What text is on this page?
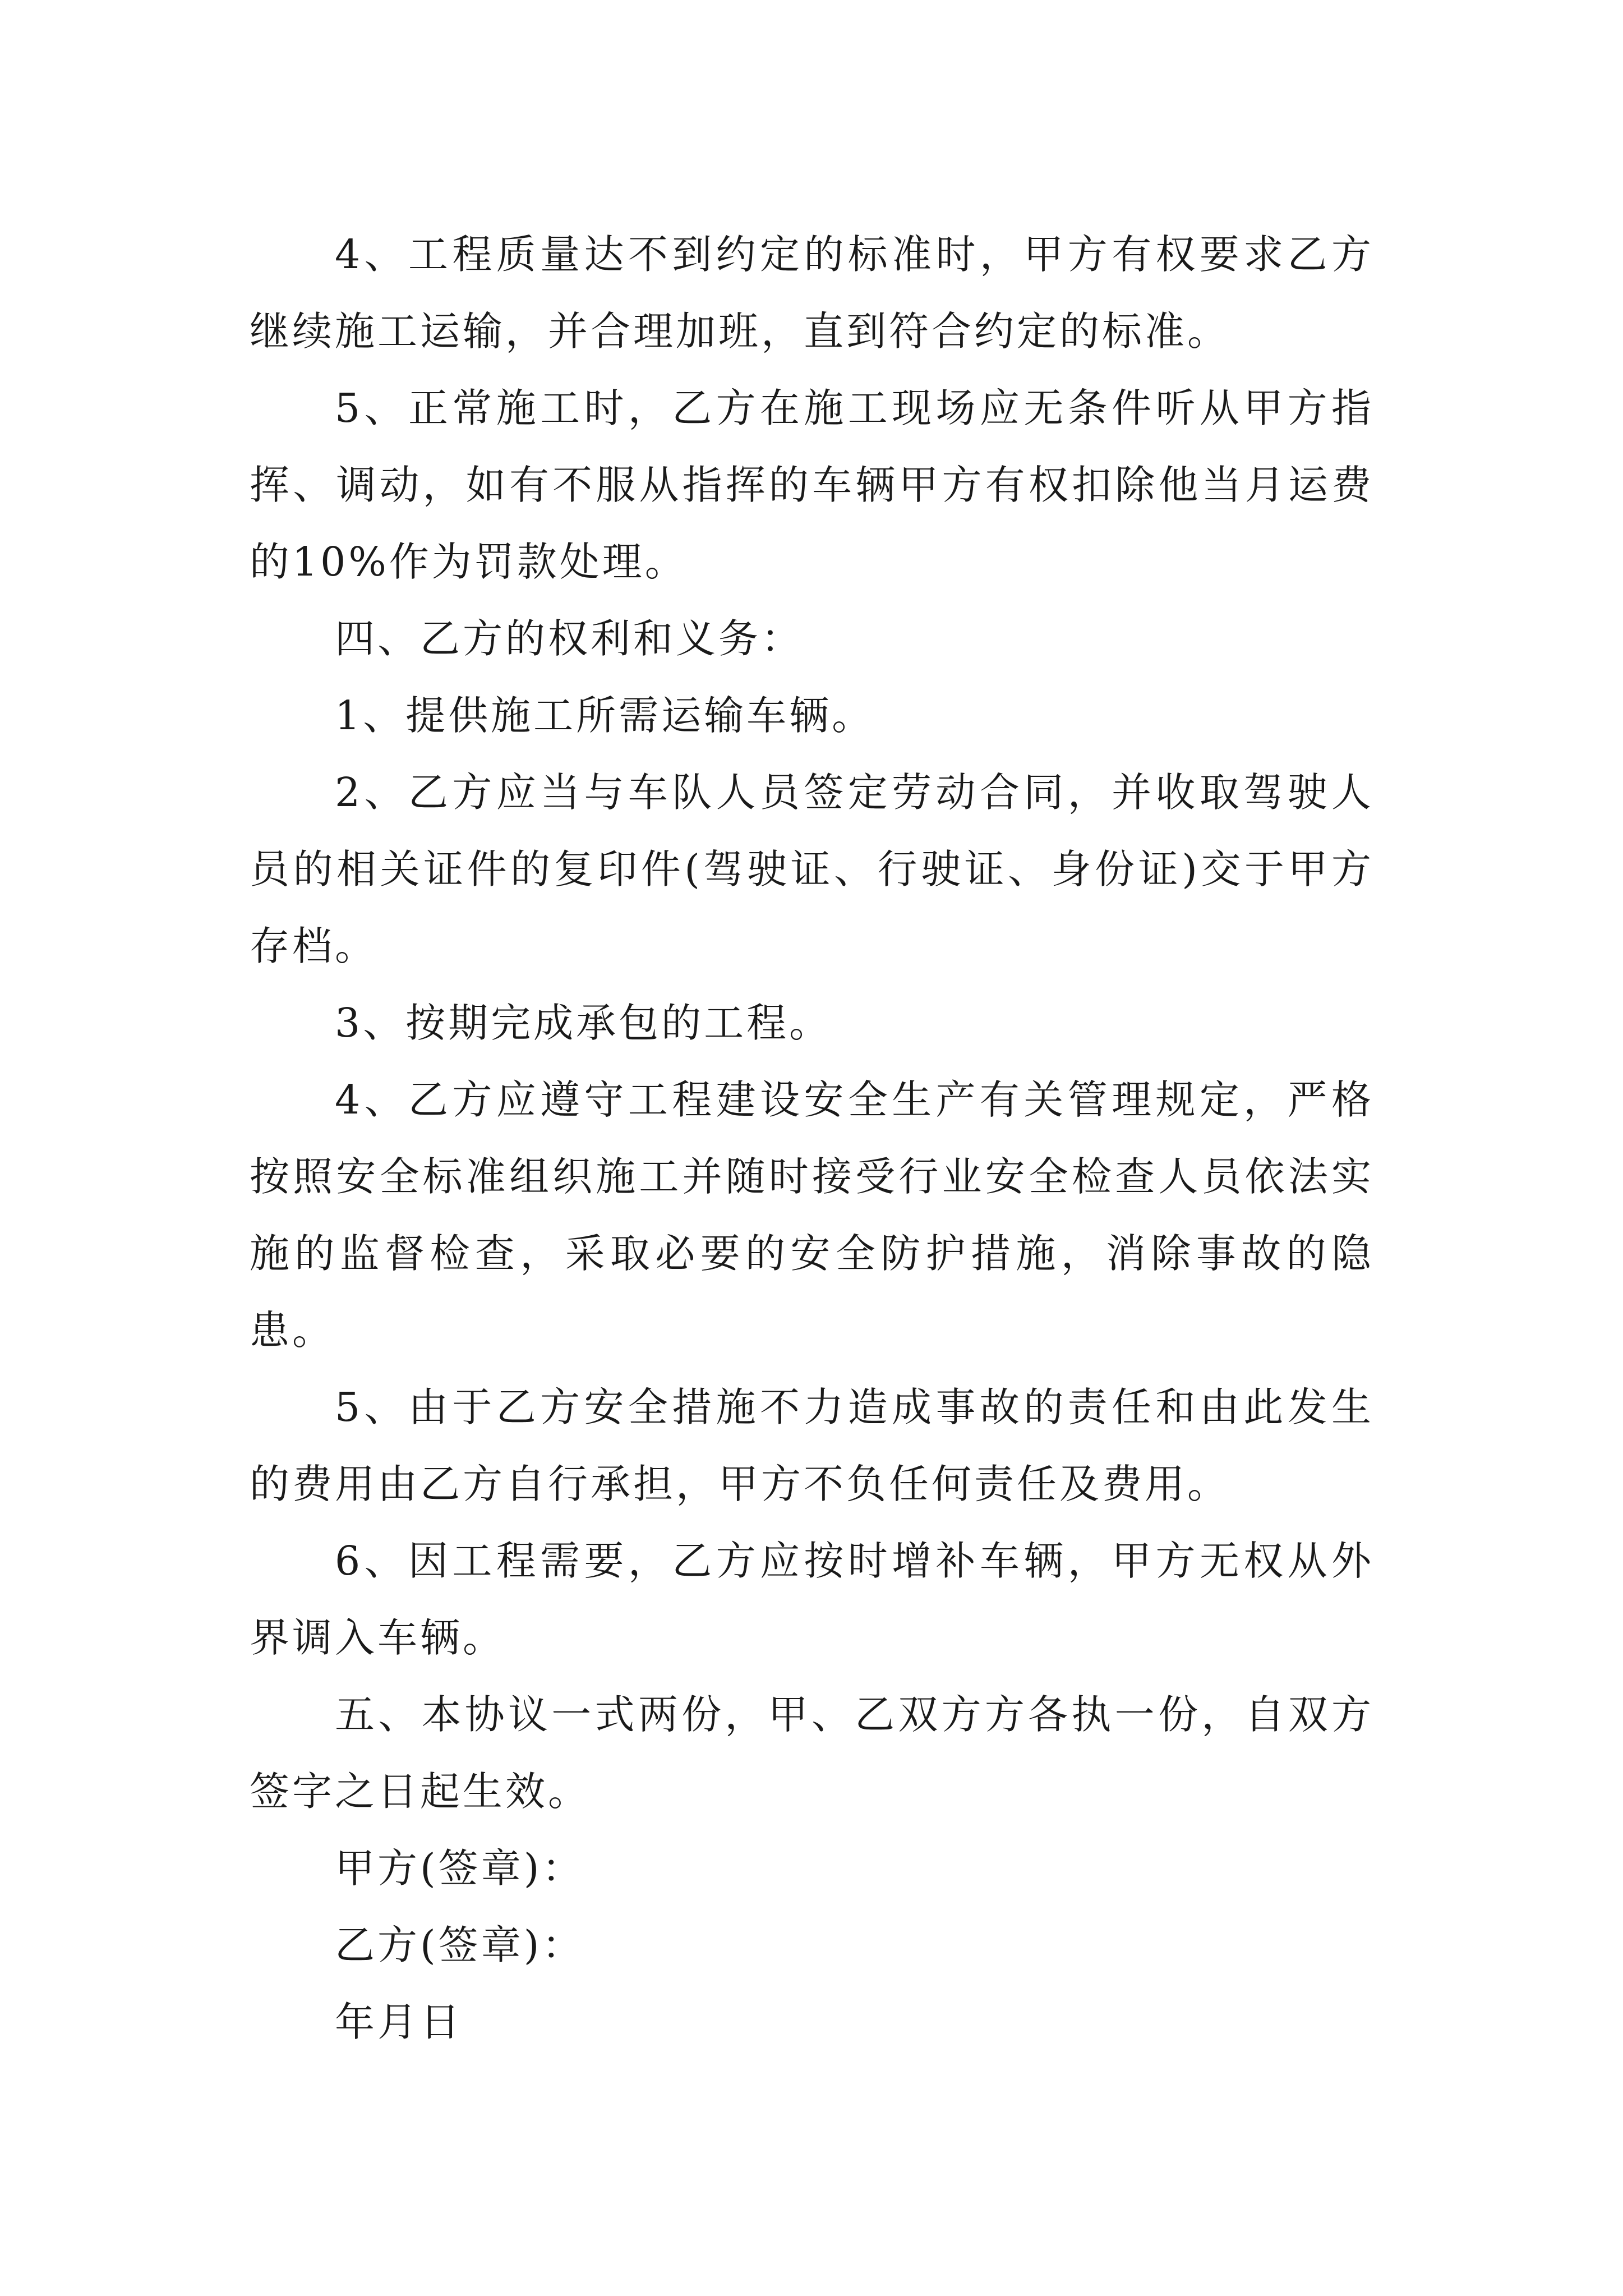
4、工程质量达不到约定的标准时，甲方有权要求乙方继续施工运输，并合理加班，直到符合约定的标准。

5、正常施工时，乙方在施工现场应无条件听从甲方指挥、调动，如有不服从指挥的车辆甲方有权扣除他当月运费的10%作为罚款处理。

四、乙方的权利和义务：

1、提供施工所需运输车辆。

2、乙方应当与车队人员签定劳动合同，并收取驾驶人员的相关证件的复印件(驾驶证、行驶证、身份证)交于甲方存档。

3、按期完成承包的工程。

4、乙方应遵守工程建设安全生产有关管理规定，严格按照安全标准组织施工并随时接受行业安全检查人员依法实施的监督检查，采取必要的安全防护措施，消除事故的隐患。

5、由于乙方安全措施不力造成事故的责任和由此发生的费用由乙方自行承担，甲方不负任何责任及费用。

6、因工程需要，乙方应按时增补车辆，甲方无权从外界调入车辆。

五、本协议一式两份，甲、乙双方方各执一份，自双方签字之日起生效。

甲方(签章)：

乙方(签章)：

年月日
